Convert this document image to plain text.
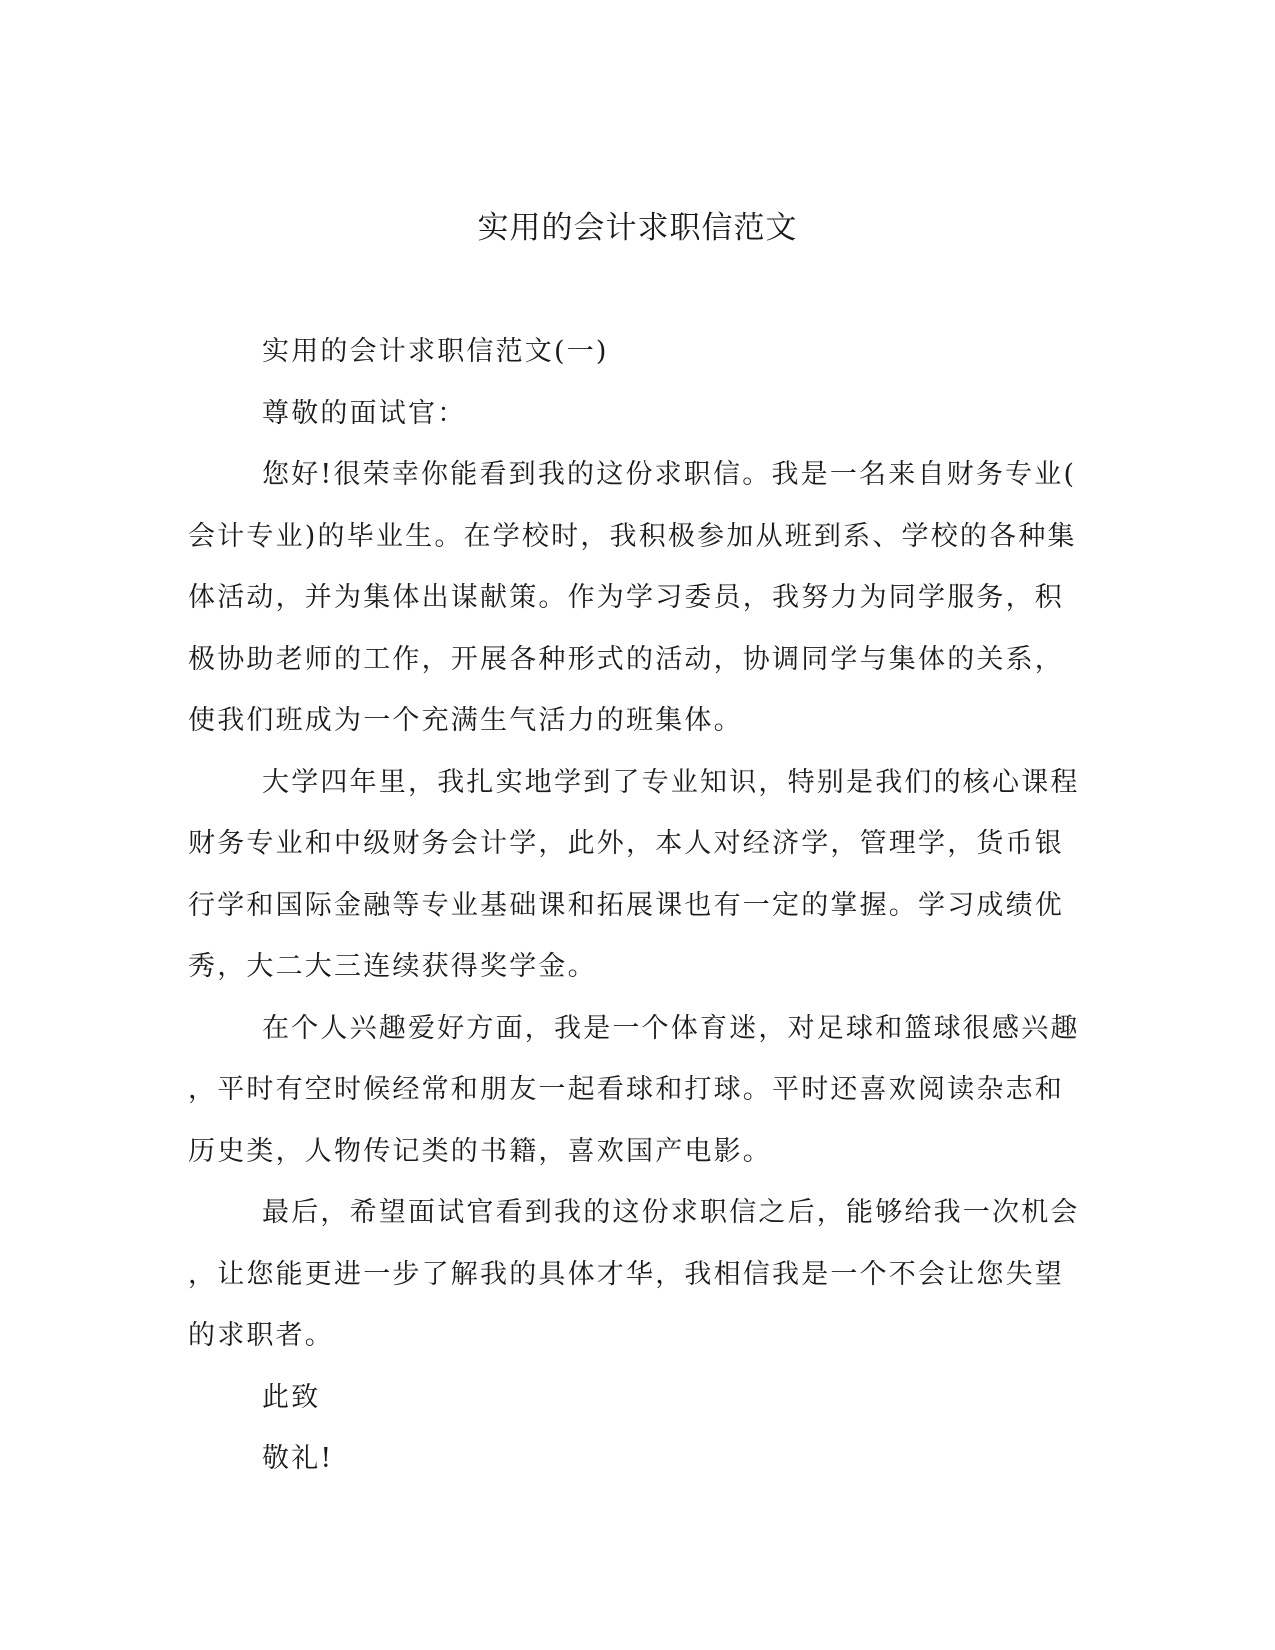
实用的会计求职信范文
实用的会计求职信范文(一)
尊敬的面试官：
您好!很荣幸你能看到我的这份求职信。我是一名来自财务专业(
会计专业)的毕业生。在学校时，我积极参加从班到系、学校的各种集
体活动，并为集体出谋献策。作为学习委员，我努力为同学服务，积
极协助老师的工作，开展各种形式的活动，协调同学与集体的关系，
使我们班成为一个充满生气活力的班集体。
大学四年里，我扎实地学到了专业知识，特别是我们的核心课程
财务专业和中级财务会计学，此外，本人对经济学，管理学，货币银
行学和国际金融等专业基础课和拓展课也有一定的掌握。学习成绩优
秀，大二大三连续获得奖学金。
在个人兴趣爱好方面，我是一个体育迷，对足球和篮球很感兴趣
，平时有空时候经常和朋友一起看球和打球。平时还喜欢阅读杂志和
历史类，人物传记类的书籍，喜欢国产电影。
最后，希望面试官看到我的这份求职信之后，能够给我一次机会
，让您能更进一步了解我的具体才华，我相信我是一个不会让您失望
的求职者。
此致
敬礼!
